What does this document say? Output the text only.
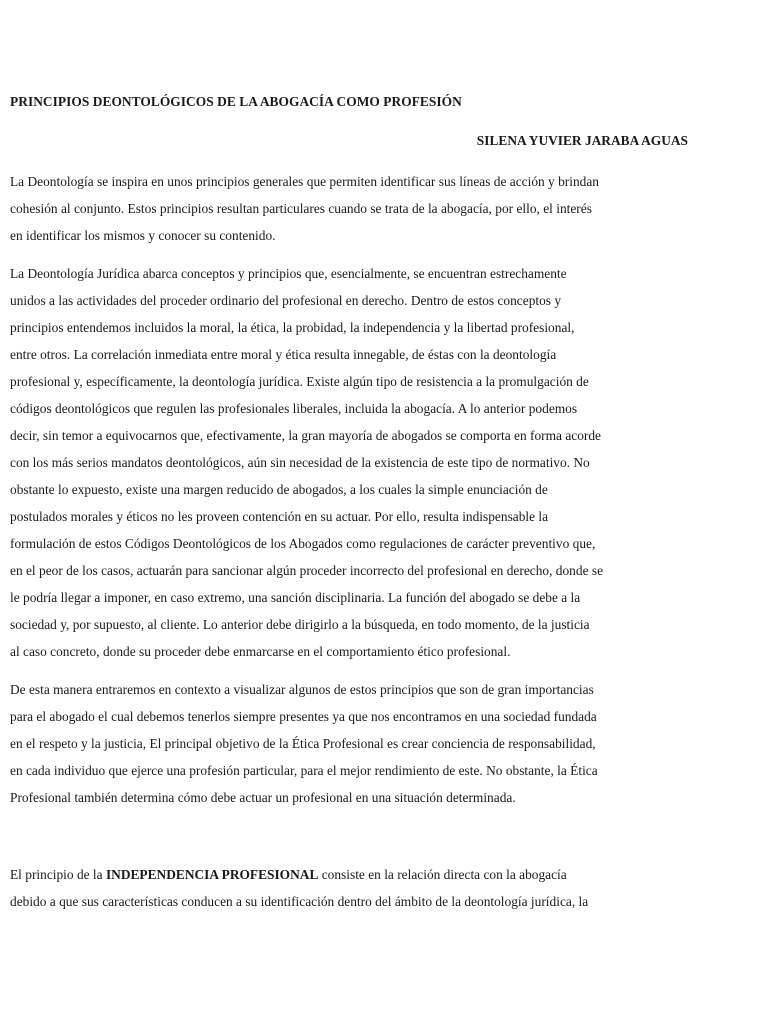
PRINCIPIOS DEONTOLÓGICOS DE LA ABOGACÍA COMO PROFESIÓN
SILENA YUVIER JARABA AGUAS

La Deontología se inspira en unos principios generales que permiten identificar sus líneas de acción y brindan
cohesión al conjunto. Estos principios resultan particulares cuando se trata de la abogacía, por ello, el interés
en identificar los mismos y conocer su contenido.

La Deontología Jurídica abarca conceptos y principios que, esencialmente, se encuentran estrechamente
unidos a las actividades del proceder ordinario del profesional en derecho. Dentro de estos conceptos y
principios entendemos incluidos la moral, la ética, la probidad, la independencia y la libertad profesional,
entre otros. La correlación inmediata entre moral y ética resulta innegable, de éstas con la deontología
profesional y, específicamente, la deontología jurídica. Existe algún tipo de resistencia a la promulgación de
códigos deontológicos que regulen las profesionales liberales, incluida la abogacía. A lo anterior podemos
decir, sin temor a equivocarnos que, efectivamente, la gran mayoría de abogados se comporta en forma acorde
con los más serios mandatos deontológicos, aún sin necesidad de la existencia de este tipo de normativo. No
obstante lo expuesto, existe una margen reducido de abogados, a los cuales la simple enunciación de
postulados morales y éticos no les proveen contención en su actuar. Por ello, resulta indispensable la
formulación de estos Códigos Deontológicos de los Abogados como regulaciones de carácter preventivo que,
en el peor de los casos, actuarán para sancionar algún proceder incorrecto del profesional en derecho, donde se
le podría llegar a imponer, en caso extremo, una sanción disciplinaria. La función del abogado se debe a la
sociedad y, por supuesto, al cliente. Lo anterior debe dirigirlo a la búsqueda, en todo momento, de la justicia
al caso concreto, donde su proceder debe enmarcarse en el comportamiento ético profesional.

De esta manera entraremos en contexto a visualizar algunos de estos principios que son de gran importancias
para el abogado el cual debemos tenerlos siempre presentes ya que nos encontramos en una sociedad fundada
en el respeto y la justicia, El principal objetivo de la Ética Profesional es crear conciencia de responsabilidad,
en cada individuo que ejerce una profesión particular, para el mejor rendimiento de este. No obstante, la Ética
Profesional también determina cómo debe actuar un profesional en una situación determinada.

El principio de la INDEPENDENCIA PROFESIONAL consiste en la relación directa con la abogacía
debido a que sus características conducen a su identificación dentro del ámbito de la deontología jurídica, la
